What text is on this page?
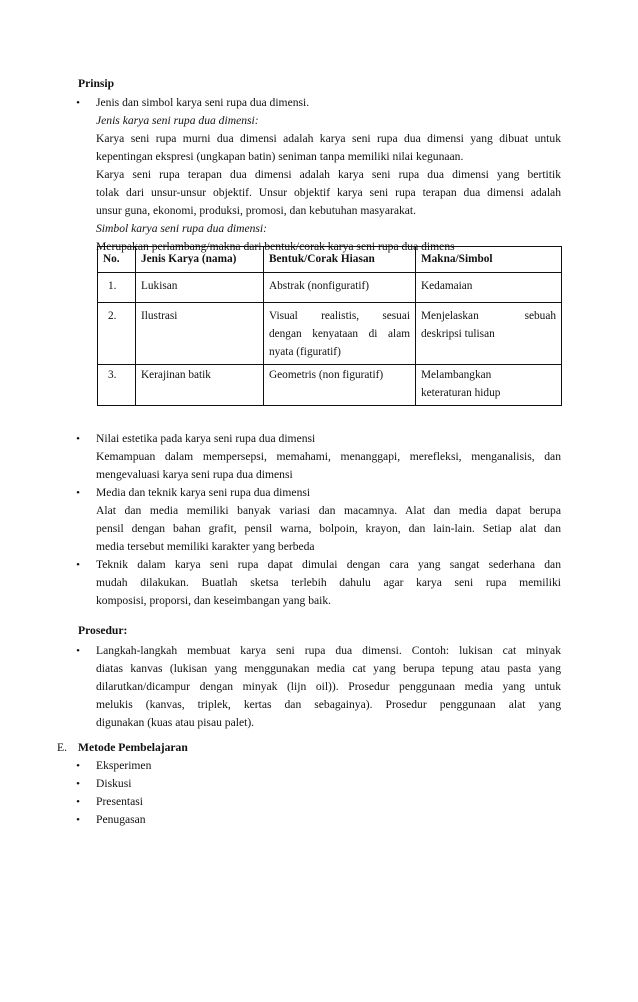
Prinsip
• Jenis dan simbol karya seni rupa dua dimensi.

Jenis karya seni rupa dua dimensi:

Karya seni rupa murni dua dimensi adalah karya seni rupa dua dimensi yang dibuat untuk

kepentingan ekspresi (ungkapan batin) seniman tanpa memiliki nilai kegunaan.

Karya seni rupa terapan dua dimensi adalah karya seni rupa dua dimensi yang bertitik

tolak dari unsur-unsur objektif. Unsur objektif karya seni rupa terapan dua dimensi adalah

unsur guna, ekonomi, produksi, promosi, dan kebutuhan masyarakat.

Simbol karya seni rupa dua dimensi:

Merupakan perlambang/makna dari bentuk/corak karya seni rupa dua dimens

No.	Jenis Karya (nama)	Bentuk/Corak Hiasan	Makna/Simbol
1.	Lukisan	Abstrak (nonfiguratif)	Kedamaian
2.	Ilustrasi	Visual realistis, sesuai
dengan kenyataan di alam
nyata (figuratif)	Menjelaskan sebuah
deskripsi tulisan

3.	Kerajinan batik	Geometris (non figuratif)	Melambangkan
keteraturan hidup
• Nilai estetika pada karya seni rupa dua dimensi

Kemampuan dalam mempersepsi, memahami, menanggapi, merefleksi, menganalisis, dan

mengevaluasi karya seni rupa dua dimensi

• Media dan teknik karya seni rupa dua dimensi

Alat dan media memiliki banyak variasi dan macamnya. Alat dan media dapat berupa

pensil dengan bahan grafit, pensil warna, bolpoin, krayon, dan lain-lain. Setiap alat dan

media tersebut memiliki karakter yang berbeda

• Teknik dalam karya seni rupa dapat dimulai dengan cara yang sangat sederhana dan

mudah dilakukan. Buatlah sketsa terlebih dahulu agar karya seni rupa memiliki

komposisi, proporsi, dan keseimbangan yang baik.

Prosedur:
• Langkah-langkah membuat karya seni rupa dua dimensi. Contoh: lukisan cat minyak

diatas kanvas (lukisan yang menggunakan media cat yang berupa tepung atau pasta yang

dilarutkan/dicampur dengan minyak (lijn oil)). Prosedur penggunaan media yang untuk

melukis (kanvas, triplek, kertas dan sebagainya). Prosedur penggunaan alat yang

digunakan (kuas atau pisau palet).

E. Metode Pembelajaran
•
•
•
•
Eksperimen
Diskusi
Presentasi
Penugasan
